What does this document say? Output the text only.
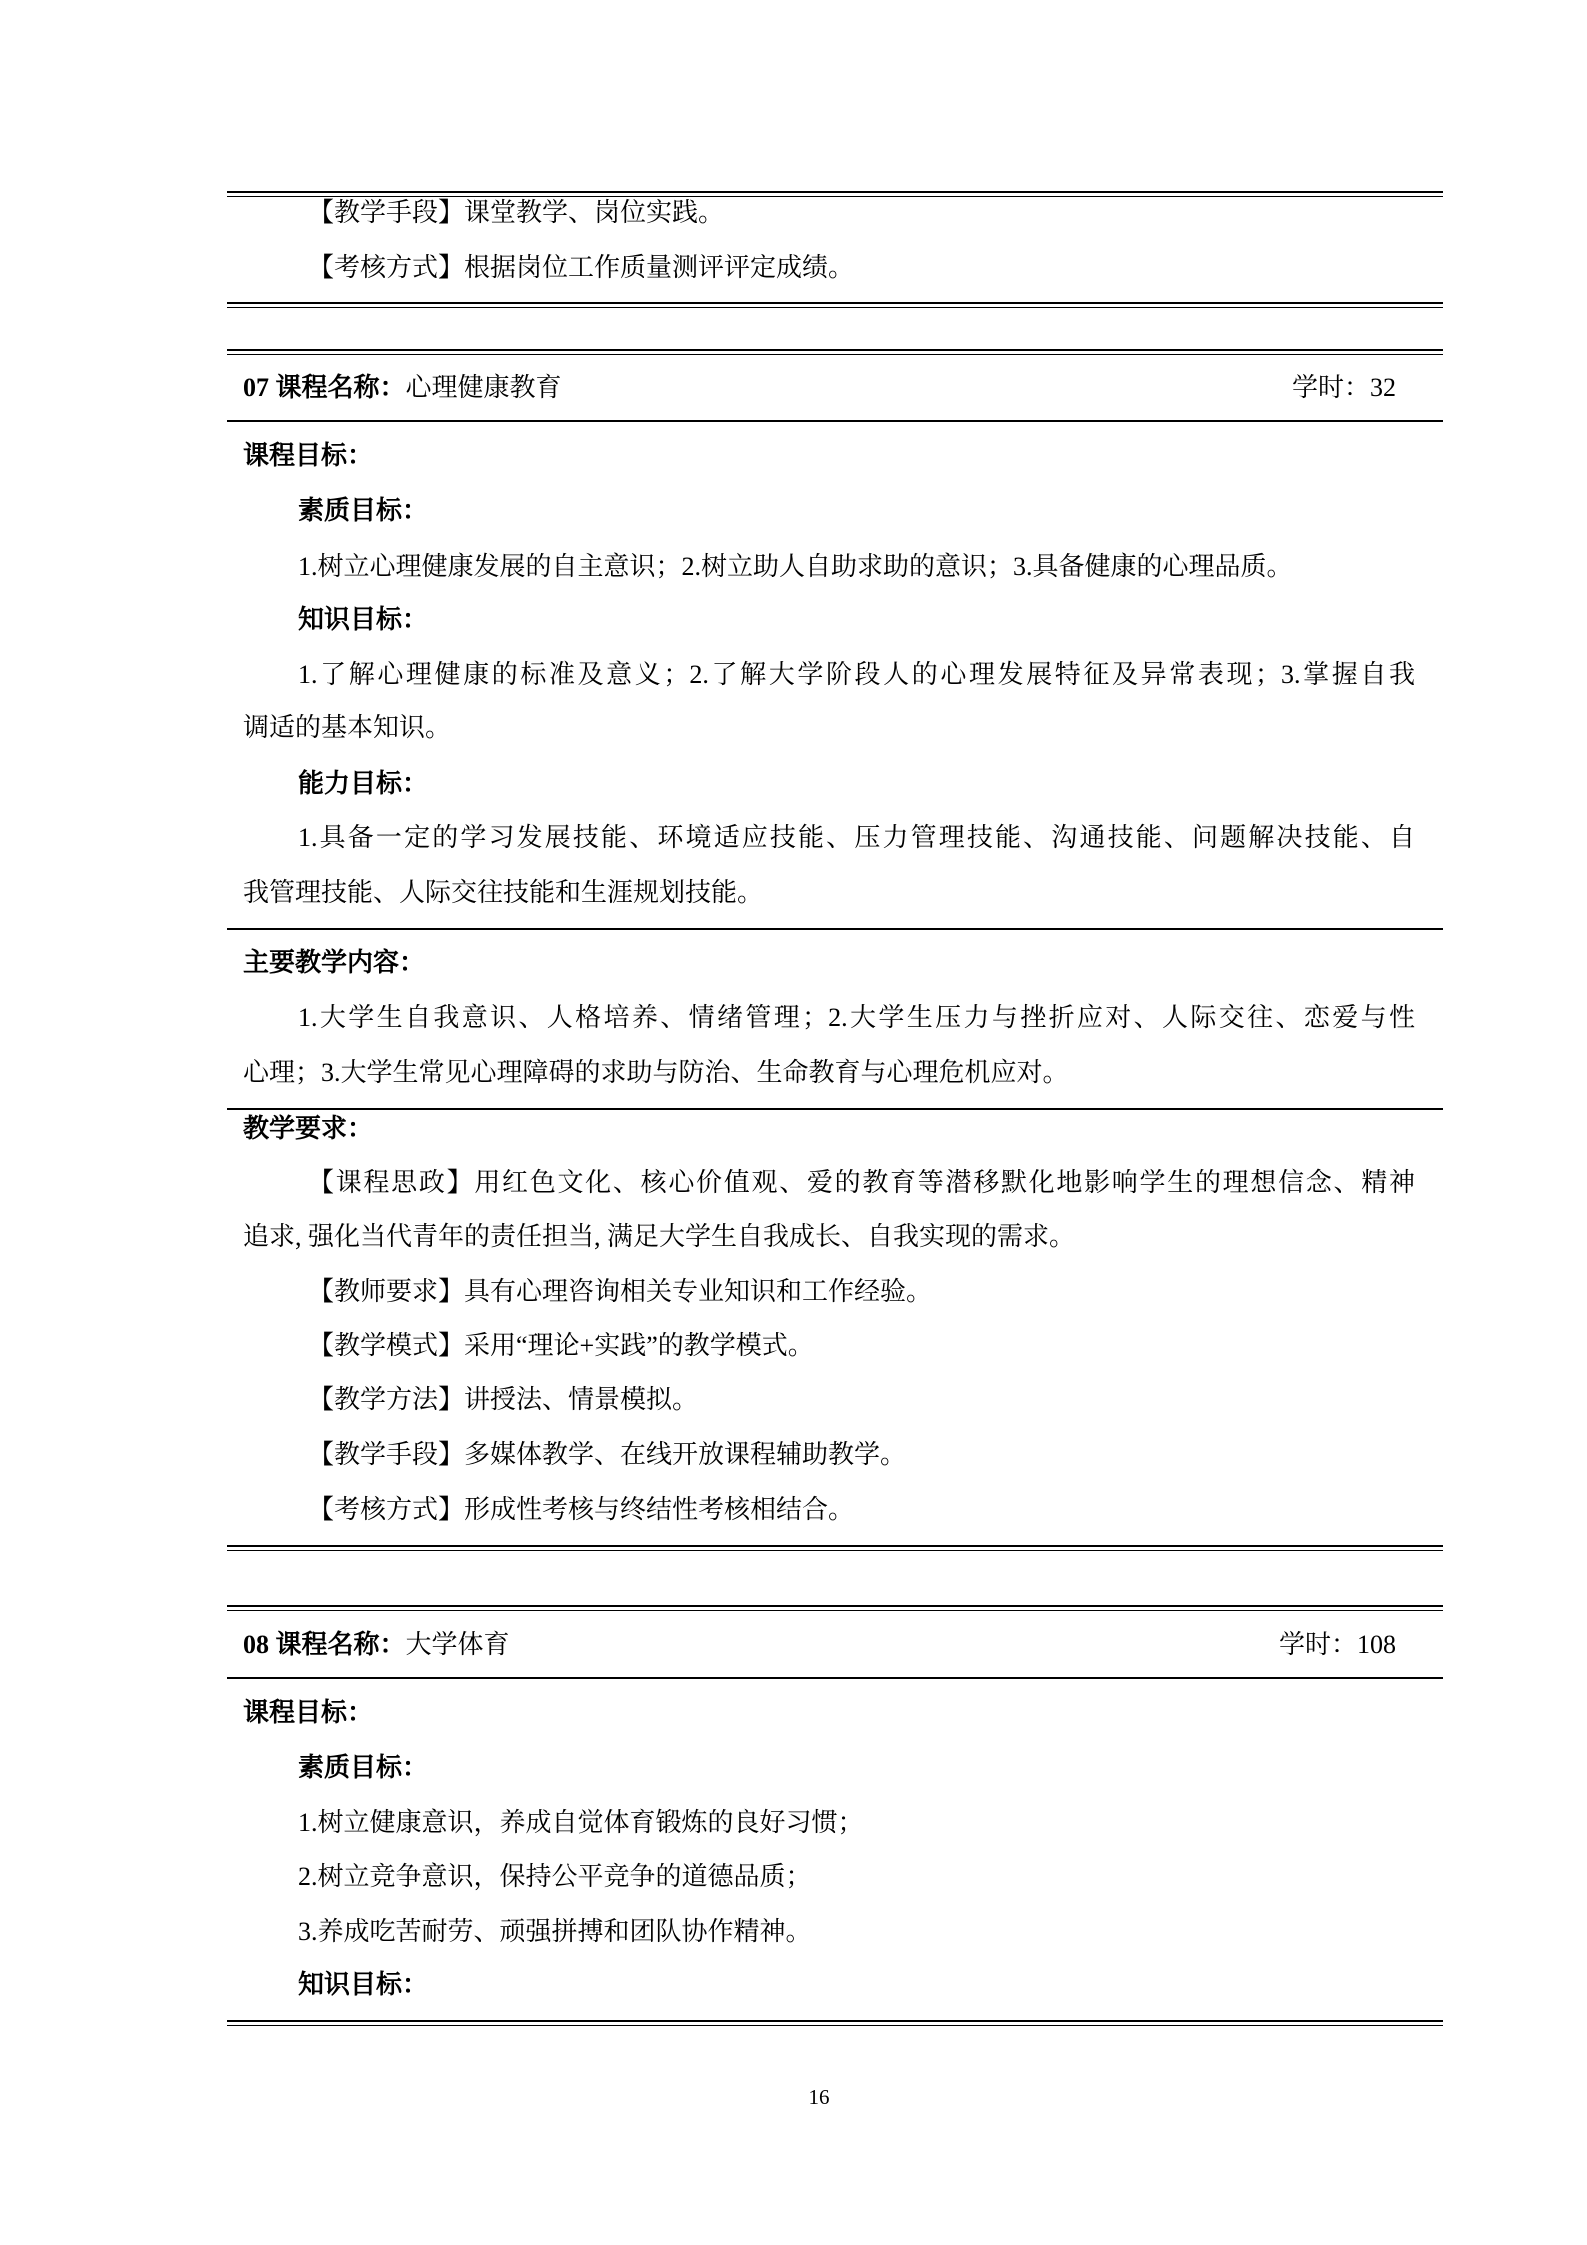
【教学手段】课堂教学、岗位实践。
【考核方式】根据岗位工作质量测评评定成绩。
07 课程名称：心理健康教育	学时：32
课程目标：
素质目标：
1.树立心理健康发展的自主意识；2.树立助人自助求助的意识；3.具备健康的心理品质。
知识目标：
1.了解心理健康的标准及意义；2.了解大学阶段人的心理发展特征及异常表现；3.掌握自我
调适的基本知识。
能力目标：
1.具备一定的学习发展技能、环境适应技能、压力管理技能、沟通技能、问题解决技能、自
我管理技能、人际交往技能和生涯规划技能。
主要教学内容：
1.大学生自我意识、人格培养、情绪管理；2.大学生压力与挫折应对、人际交往、恋爱与性
心理；3.大学生常见心理障碍的求助与防治、生命教育与心理危机应对。
教学要求：
【课程思政】用红色文化、核心价值观、爱的教育等潜移默化地影响学生的理想信念、精神
追求, 强化当代青年的责任担当, 满足大学生自我成长、自我实现的需求。
【教师要求】具有心理咨询相关专业知识和工作经验。
【教学模式】采用“理论+实践”的教学模式。
【教学方法】讲授法、情景模拟。
【教学手段】多媒体教学、在线开放课程辅助教学。
【考核方式】形成性考核与终结性考核相结合。
08 课程名称：大学体育	学时：108
课程目标：
素质目标：
1.树立健康意识，养成自觉体育锻炼的良好习惯；
2.树立竞争意识，保持公平竞争的道德品质；
3.养成吃苦耐劳、顽强拼搏和团队协作精神。
知识目标：
16
